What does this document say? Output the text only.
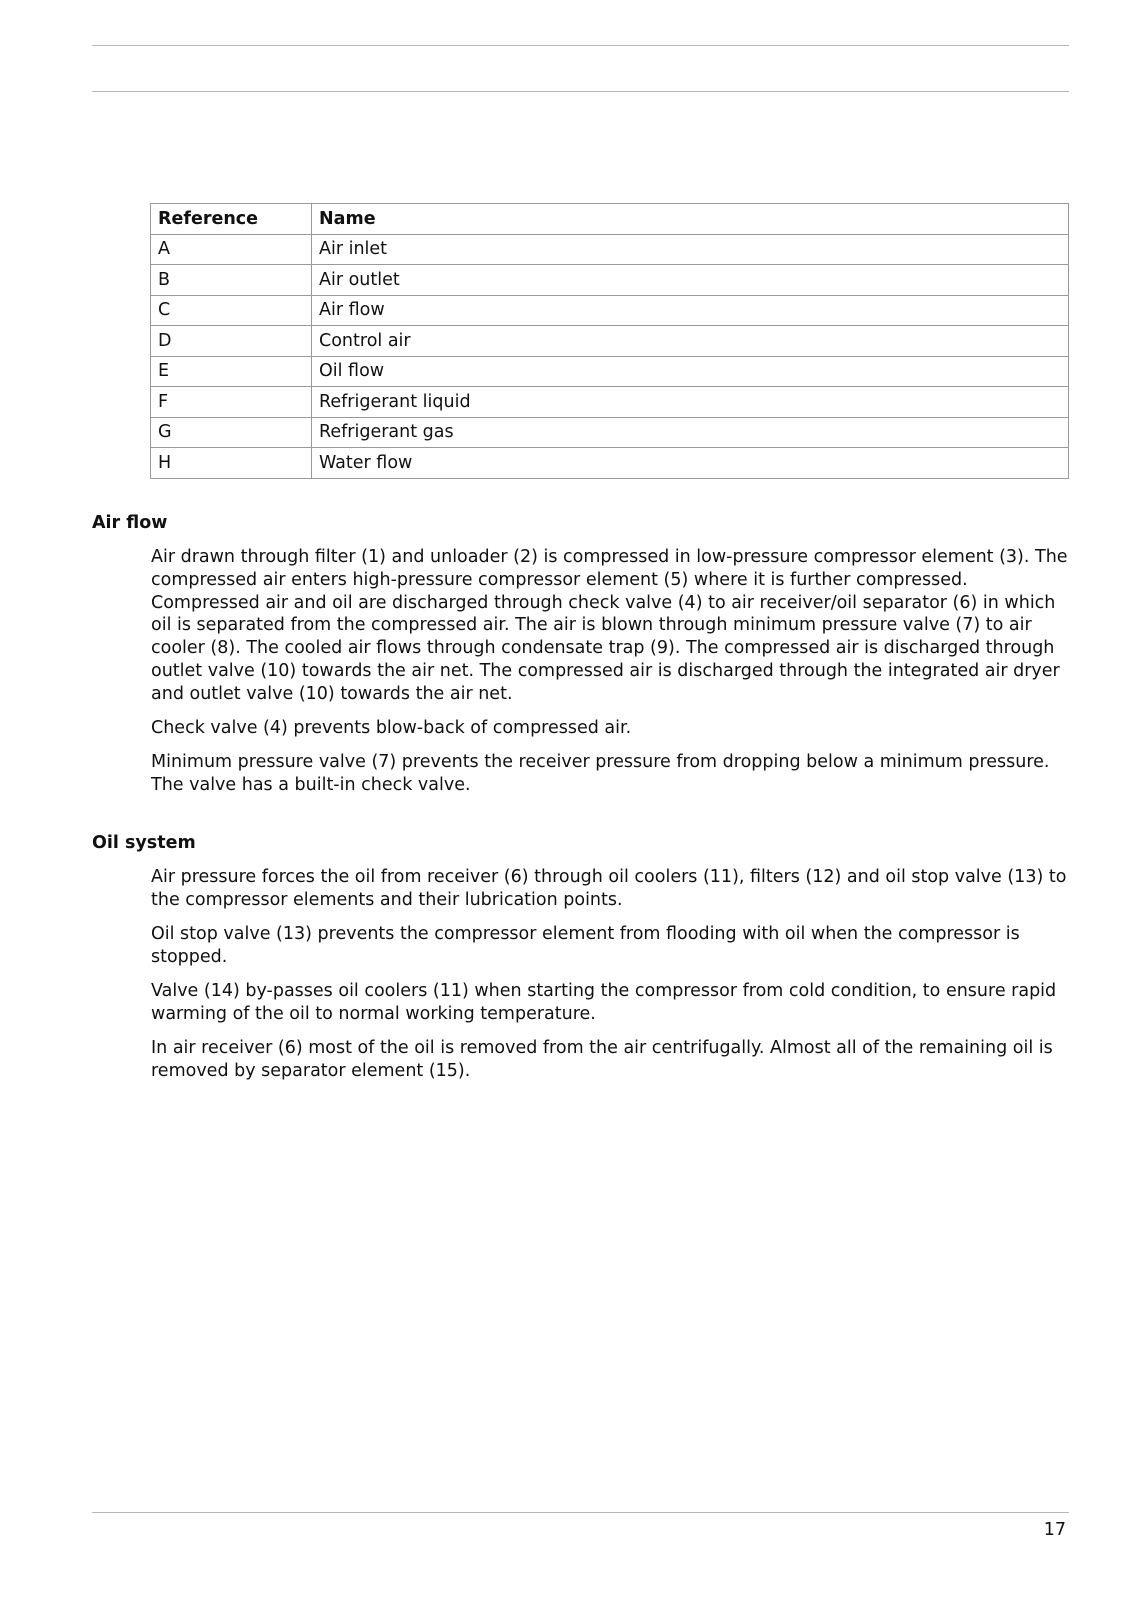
Reference	Name
A	Air inlet
B	Air outlet
C	Air flow
D	Control air
E	Oil flow
F	Refrigerant liquid
G	Refrigerant gas
H	Water flow
Air flow

Air drawn through filter (1) and unloader (2) is compressed in low-pressure compressor element (3). The compressed air enters high-pressure compressor element (5) where it is further compressed. Compressed air and oil are discharged through check valve (4) to air receiver/oil separator (6) in which oil is separated from the compressed air. The air is blown through minimum pressure valve (7) to air cooler (8). The cooled air flows through condensate trap (9). The compressed air is discharged through outlet valve (10) towards the air net. The compressed air is discharged through the integrated air dryer and outlet valve (10) towards the air net.

Check valve (4) prevents blow-back of compressed air.

Minimum pressure valve (7) prevents the receiver pressure from dropping below a minimum pressure. The valve has a built-in check valve.

Oil system

Air pressure forces the oil from receiver (6) through oil coolers (11), filters (12) and oil stop valve (13) to the compressor elements and their lubrication points.

Oil stop valve (13) prevents the compressor element from flooding with oil when the compressor is stopped.

Valve (14) by-passes oil coolers (11) when starting the compressor from cold condition, to ensure rapid warming of the oil to normal working temperature.

In air receiver (6) most of the oil is removed from the air centrifugally. Almost all of the remaining oil is removed by separator element (15).

17
